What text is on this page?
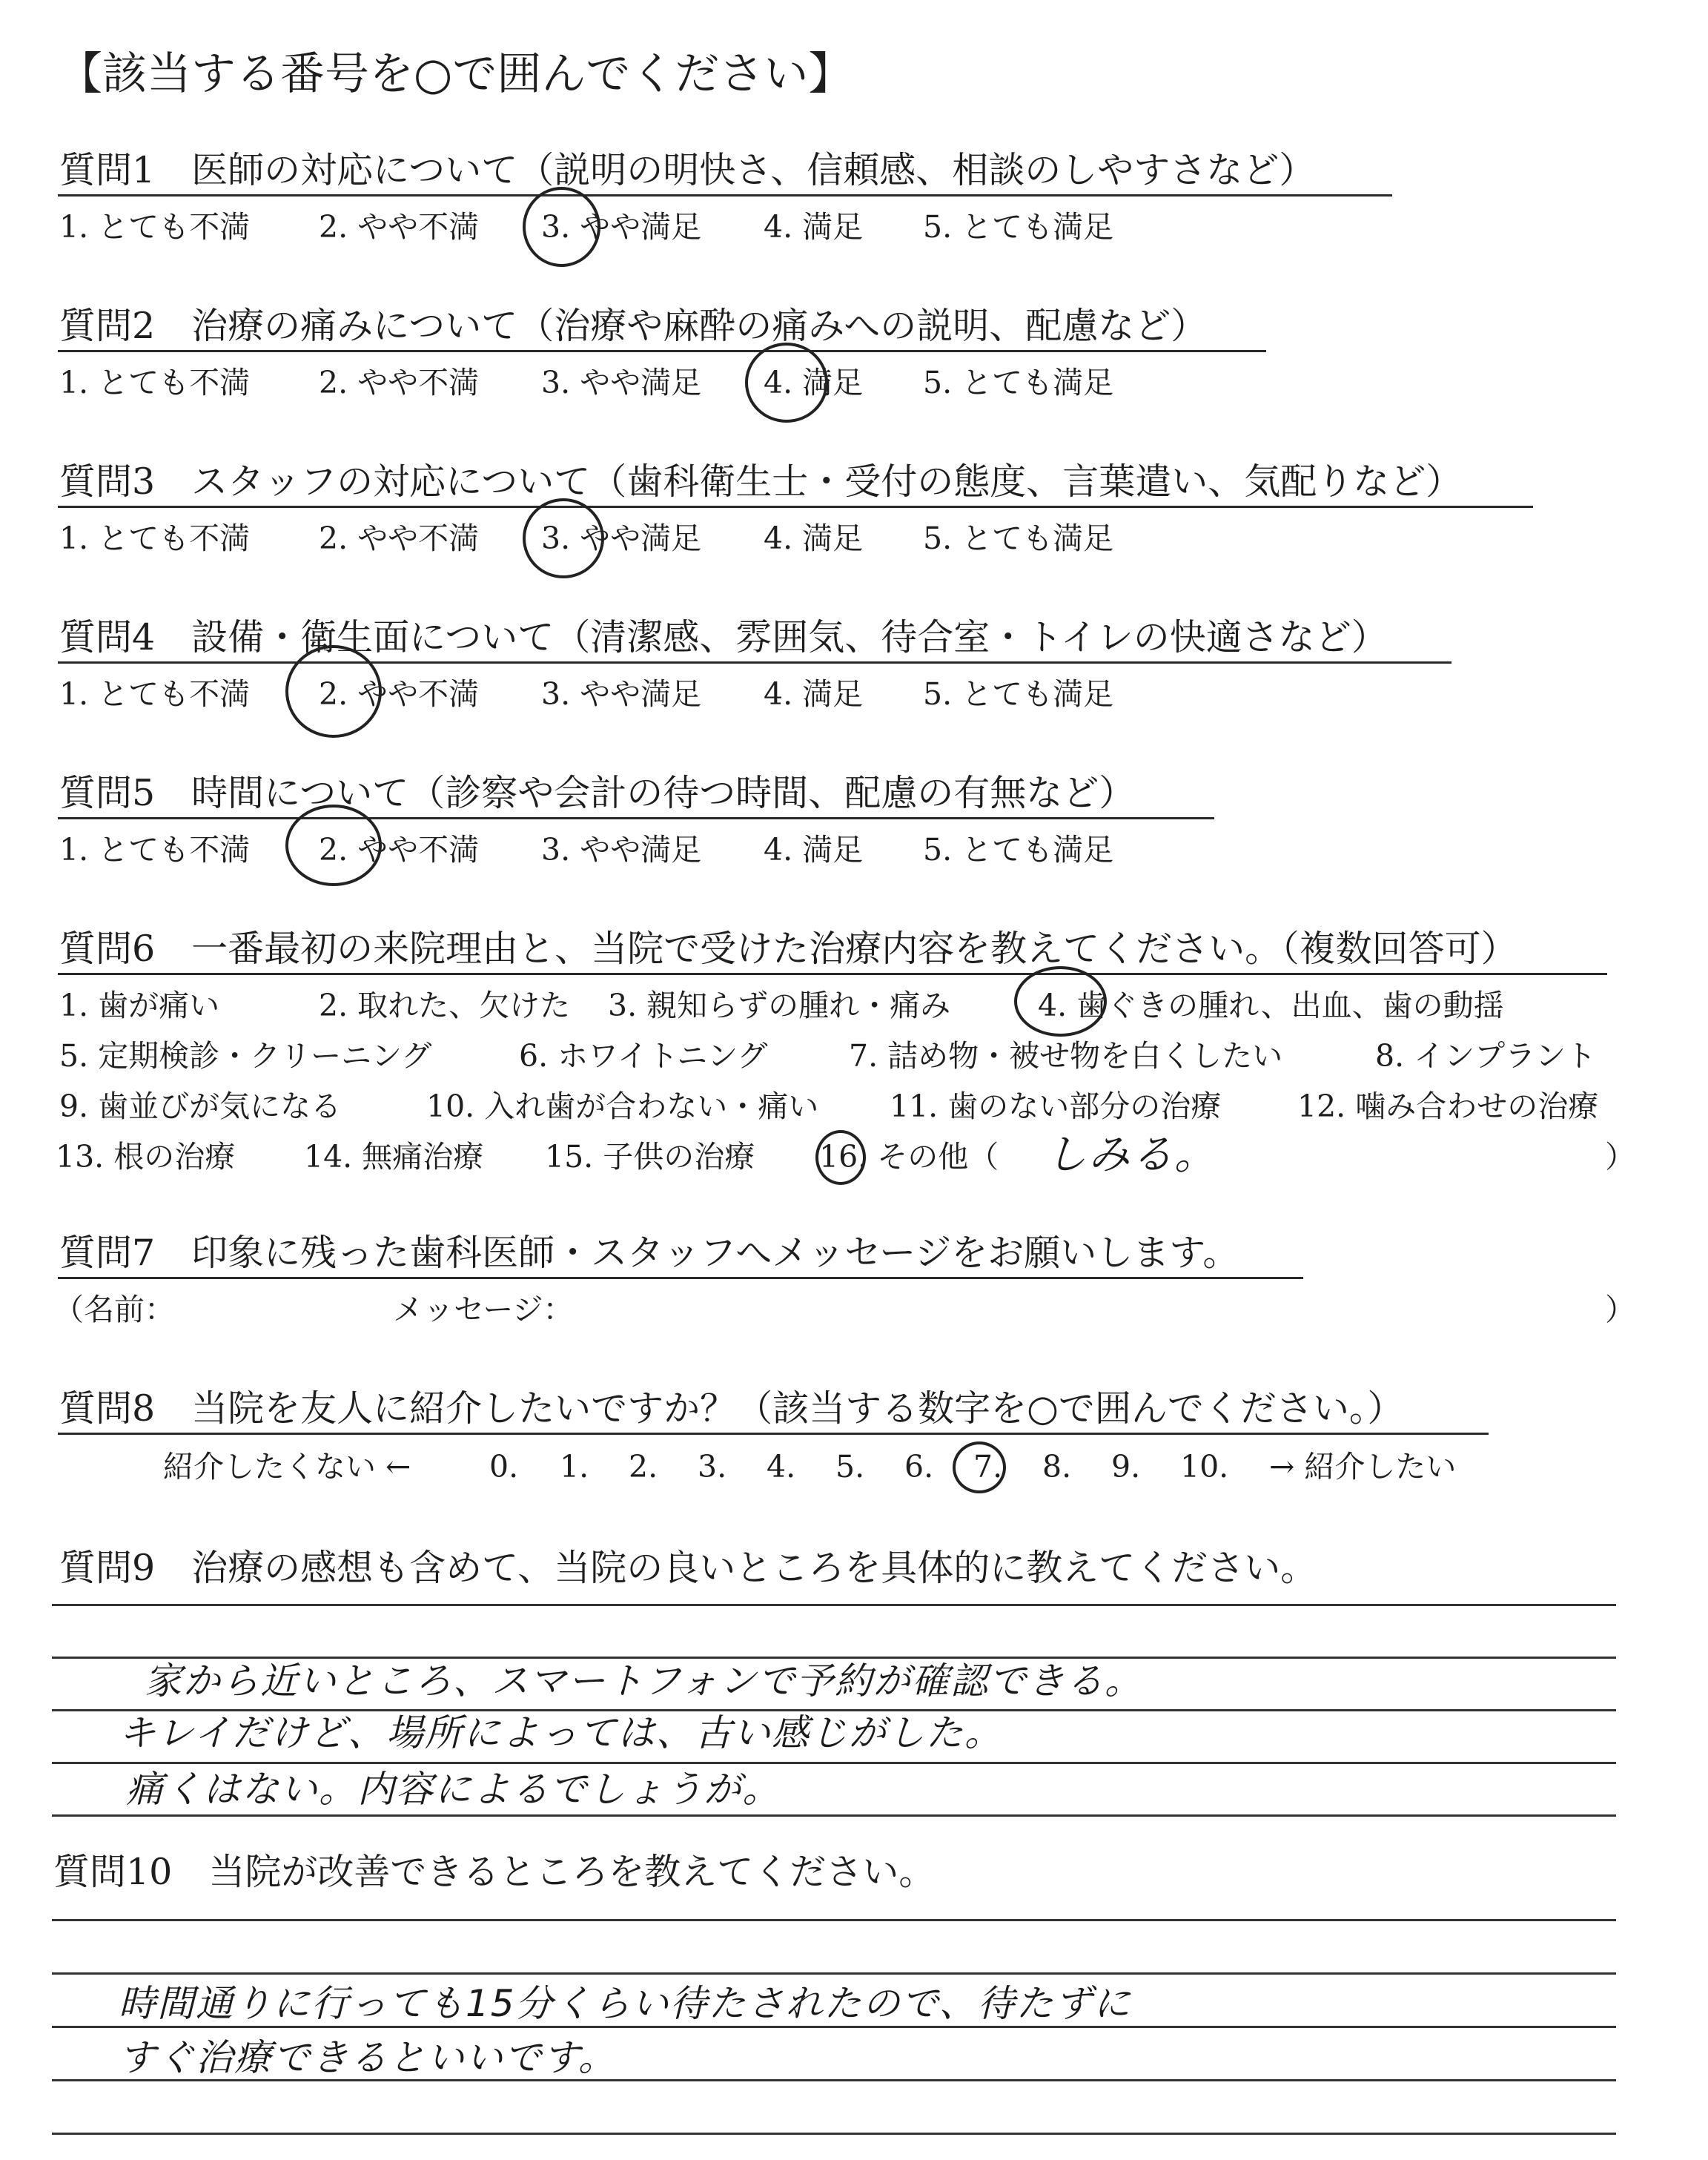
【該当する番号を○で囲んでください】
質問1　医師の対応について（説明の明快さ、信頼感、相談のしやすさなど）
1. とても不満 2. やや不満 3. やや満足 4. 満足 5. とても満足
質問2　治療の痛みについて（治療や麻酔の痛みへの説明、配慮など）
1. とても不満 2. やや不満 3. やや満足 4. 満足 5. とても満足
質問3　スタッフの対応について（歯科衛生士・受付の態度、言葉遣い、気配りなど）
1. とても不満 2. やや不満 3. やや満足 4. 満足 5. とても満足
質問4　設備・衛生面について（清潔感、雰囲気、待合室・トイレの快適さなど）
1. とても不満 2. やや不満 3. やや満足 4. 満足 5. とても満足
質問5　時間について（診察や会計の待つ時間、配慮の有無など）
1. とても不満 2. やや不満 3. やや満足 4. 満足 5. とても満足
質問6　一番最初の来院理由と、当院で受けた治療内容を教えてください。（複数回答可）
1. 歯が痛い	2. 取れた、欠けた 3. 親知らずの腫れ・痛み	4. 歯ぐきの腫れ、出血、歯の動揺
5. 定期検診・クリーニング	6. ホワイトニング	7. 詰め物・被せ物を白くしたい	8. インプラント
9. 歯並びが気になる	10. 入れ歯が合わない・痛い 11. 歯のない部分の治療	12. 噛み合わせの治療
13. 根の治療 14. 無痛治療 15. 子供の治療 16. その他（ しみる。	）
質問7　印象に残った歯科医師・スタッフへメッセージをお願いします。
（名前：	メッセージ：	）
質問8　当院を友人に紹介したいですか？（該当する数字を○で囲んでください。）
紹介したくない ←	0. 1. 2. 3. 4. 5. 6. 7. 8. 9. 10. → 紹介したい
質問9　治療の感想も含めて、当院の良いところを具体的に教えてください。
家から近いところ、スマートフォンで予約が確認できる。
キレイだけど、場所によっては、古い感じがした。
痛くはない。内容によるでしょうが。
質問10　当院が改善できるところを教えてください。
時間通りに行っても15分くらい待たされたので、待たずに
すぐ治療できるといいです。
